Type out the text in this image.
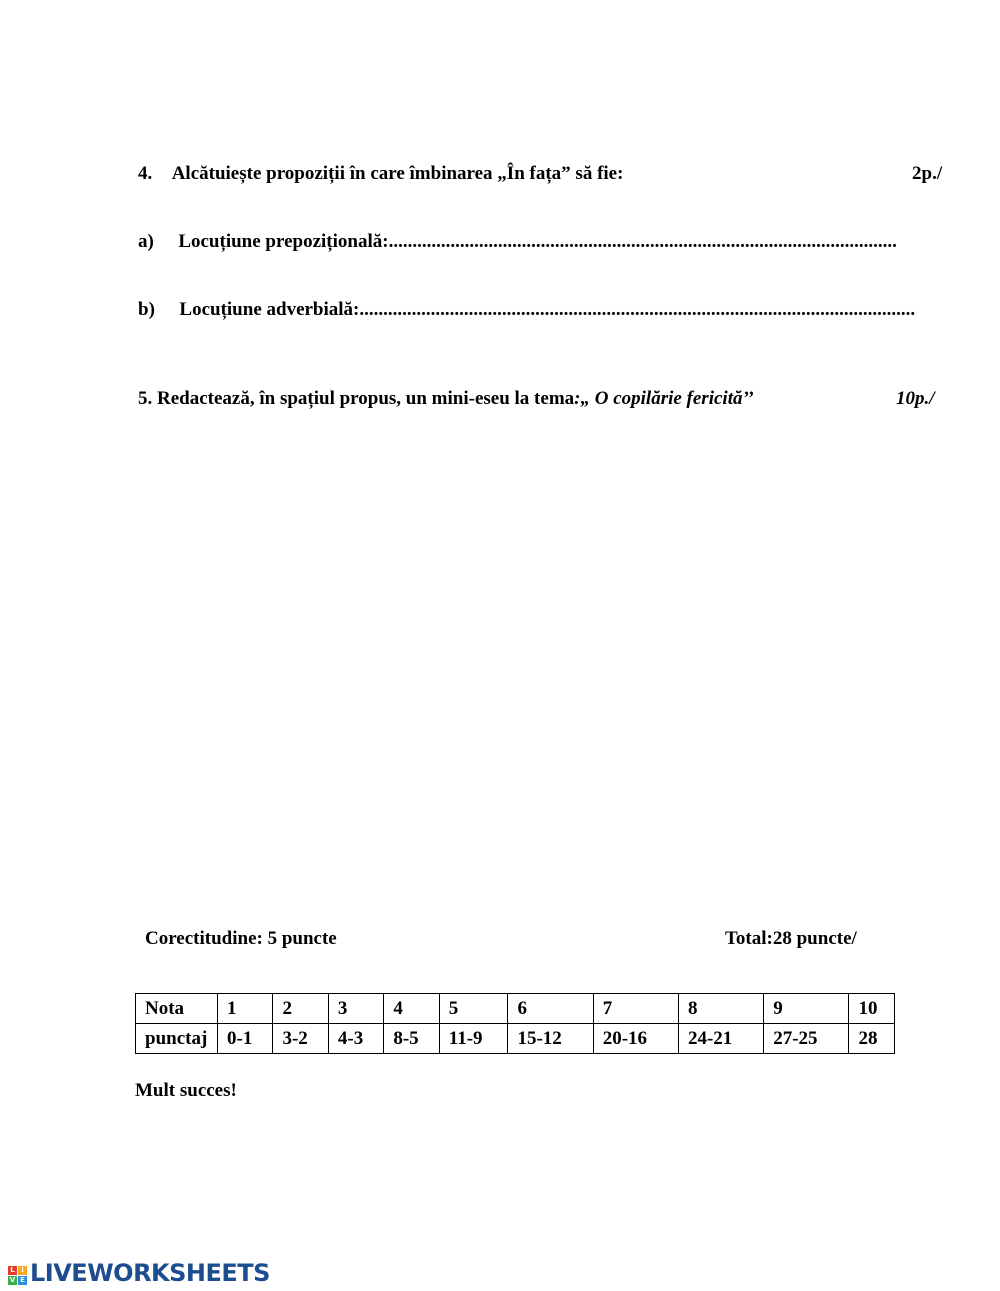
4. Alcătuiește propoziții în care îmbinarea „În fața” să fie:	2p./
a) Locuțiune prepozițională:...........................................................................................................
b) Locuțiune adverbială:.....................................................................................................................
5. Redactează, în spațiul propus, un mini-eseu la tema:„ O copilărie fericită’’	10p./
Corectitudine: 5 puncte	Total:28 puncte/
Nota	1	2	3	4	5	6	7	8	9	10
punctaj	0-1	3-2	4-3	8-5	11-9	15-12	20-16	24-21	27-25	28
Mult succes!
L I
V E LIVEWORKSHEETS
